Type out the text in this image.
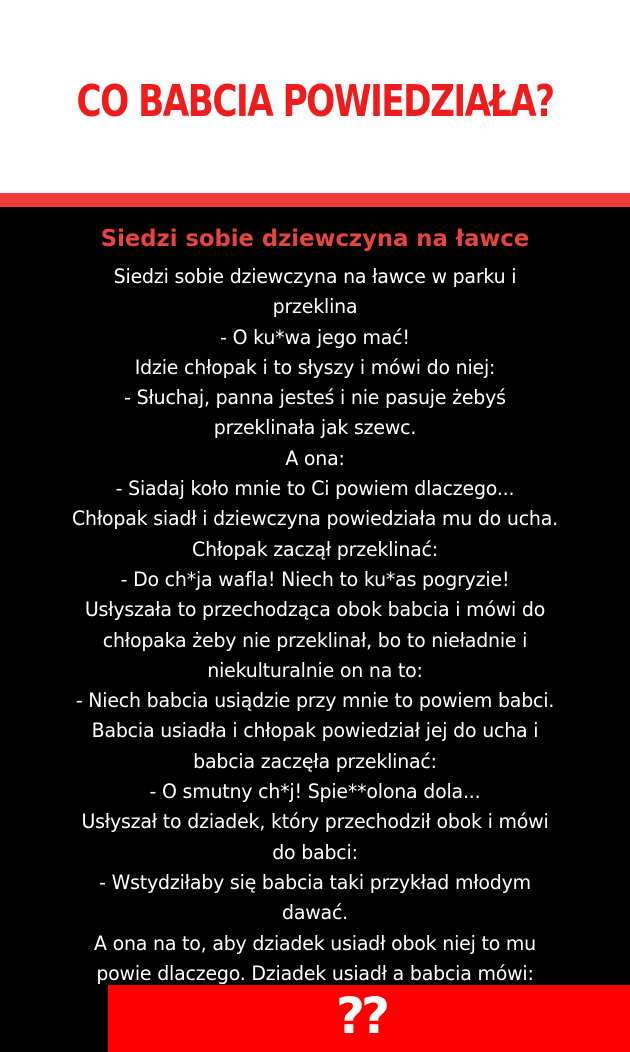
CO BABCIA POWIEDZIAŁA?
Siedzi sobie dziewczyna na ławce
Siedzi sobie dziewczyna na ławce w parku i
przeklina
- O ku*wa jego mać!
Idzie chłopak i to słyszy i mówi do niej:
- Słuchaj, panna jesteś i nie pasuje żebyś
przeklinała jak szewc.
A ona:
- Siadaj koło mnie to Ci powiem dlaczego...
Chłopak siadł i dziewczyna powiedziała mu do ucha.
Chłopak zaczął przeklinać:
- Do ch*ja wafla! Niech to ku*as pogryzie!
Usłyszała to przechodząca obok babcia i mówi do
chłopaka żeby nie przeklinał, bo to nieładnie i
niekulturalnie on na to:
- Niech babcia usiądzie przy mnie to powiem babci.
Babcia usiadła i chłopak powiedział jej do ucha i
babcia zaczęła przeklinać:
- O smutny ch*j! Spie**olona dola...
Usłyszał to dziadek, który przechodził obok i mówi
do babci:
- Wstydziłaby się babcia taki przykład młodym
dawać.
A ona na to, aby dziadek usiadł obok niej to mu
powie dlaczego. Dziadek usiadł a babcia mówi:
??
